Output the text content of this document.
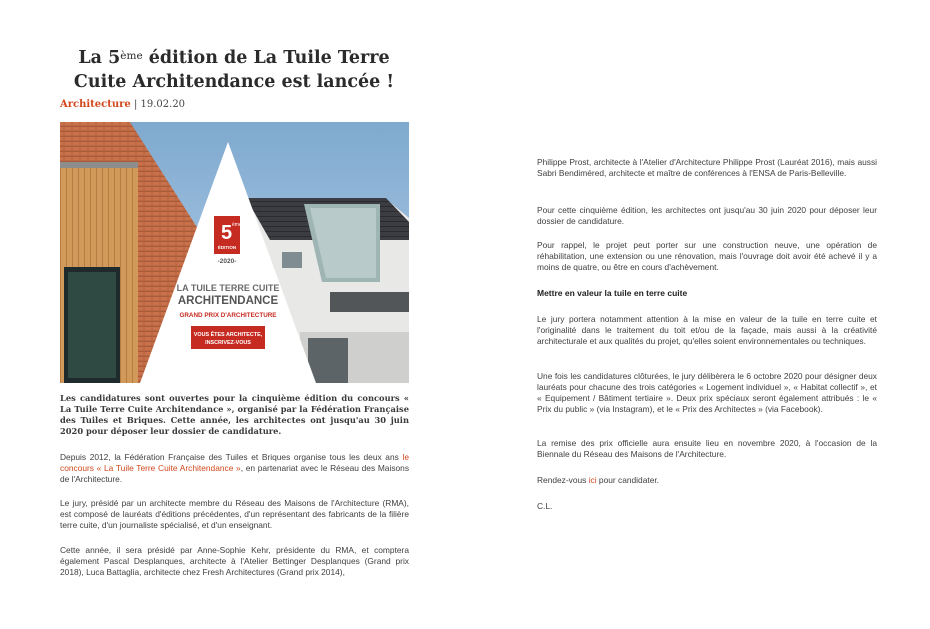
La 5ème édition de La Tuile Terre Cuite Architendance est lancée !
Architecture | 19.02.20
5 ème
ÉDITION
-2020-
LA TUILE TERRE CUITE
ARCHITENDANCE
GRAND PRIX D'ARCHITECTURE
VOUS ÊTES ARCHITECTE,
INSCRIVEZ-VOUS

Les candidatures sont ouvertes pour la cinquième édition du concours « La Tuile Terre Cuite Architendance », organisé par la Fédération Française des Tuiles et Briques. Cette année, les architectes ont jusqu'au 30 juin 2020 pour déposer leur dossier de candidature.

Depuis 2012, la Fédération Française des Tuiles et Briques organise tous les deux ans le concours « La Tuile Terre Cuite Architendance », en partenariat avec le Réseau des Maisons de l'Architecture.

Le jury, présidé par un architecte membre du Réseau des Maisons de l'Architecture (RMA), est composé de lauréats d'éditions précédentes, d'un représentant des fabricants de la filière terre cuite, d'un journaliste spécialisé, et d'un enseignant.

Cette année, il sera présidé par Anne-Sophie Kehr, présidente du RMA, et comptera également Pascal Desplanques, architecte à l'Atelier Bettinger Desplanques (Grand prix 2018), Luca Battaglia, architecte chez Fresh Architectures (Grand prix 2014),

Philippe Prost, architecte à l'Atelier d'Architecture Philippe Prost (Lauréat 2016), mais aussi Sabri Bendiméred, architecte et maître de conférences à l'ENSA de Paris-Belleville.

Pour cette cinquième édition, les architectes ont jusqu'au 30 juin 2020 pour déposer leur dossier de candidature.

Pour rappel, le projet peut porter sur une construction neuve, une opération de réhabilitation, une extension ou une rénovation, mais l'ouvrage doit avoir été achevé il y a moins de quatre, ou être en cours d'achèvement.

Mettre en valeur la tuile en terre cuite

Le jury portera notamment attention à la mise en valeur de la tuile en terre cuite et l'originalité dans le traitement du toit et/ou de la façade, mais aussi à la créativité architecturale et aux qualités du projet, qu'elles soient environnementales ou techniques.

Une fois les candidatures clôturées, le jury délibèrera le 6 octobre 2020 pour désigner deux lauréats pour chacune des trois catégories « Logement individuel », « Habitat collectif », et « Equipement / Bâtiment tertiaire ». Deux prix spéciaux seront également attribués : le « Prix du public » (via Instagram), et le « Prix des Architectes » (via Facebook).

La remise des prix officielle aura ensuite lieu en novembre 2020, à l'occasion de la Biennale du Réseau des Maisons de l'Architecture.

Rendez-vous ici pour candidater.

C.L.
